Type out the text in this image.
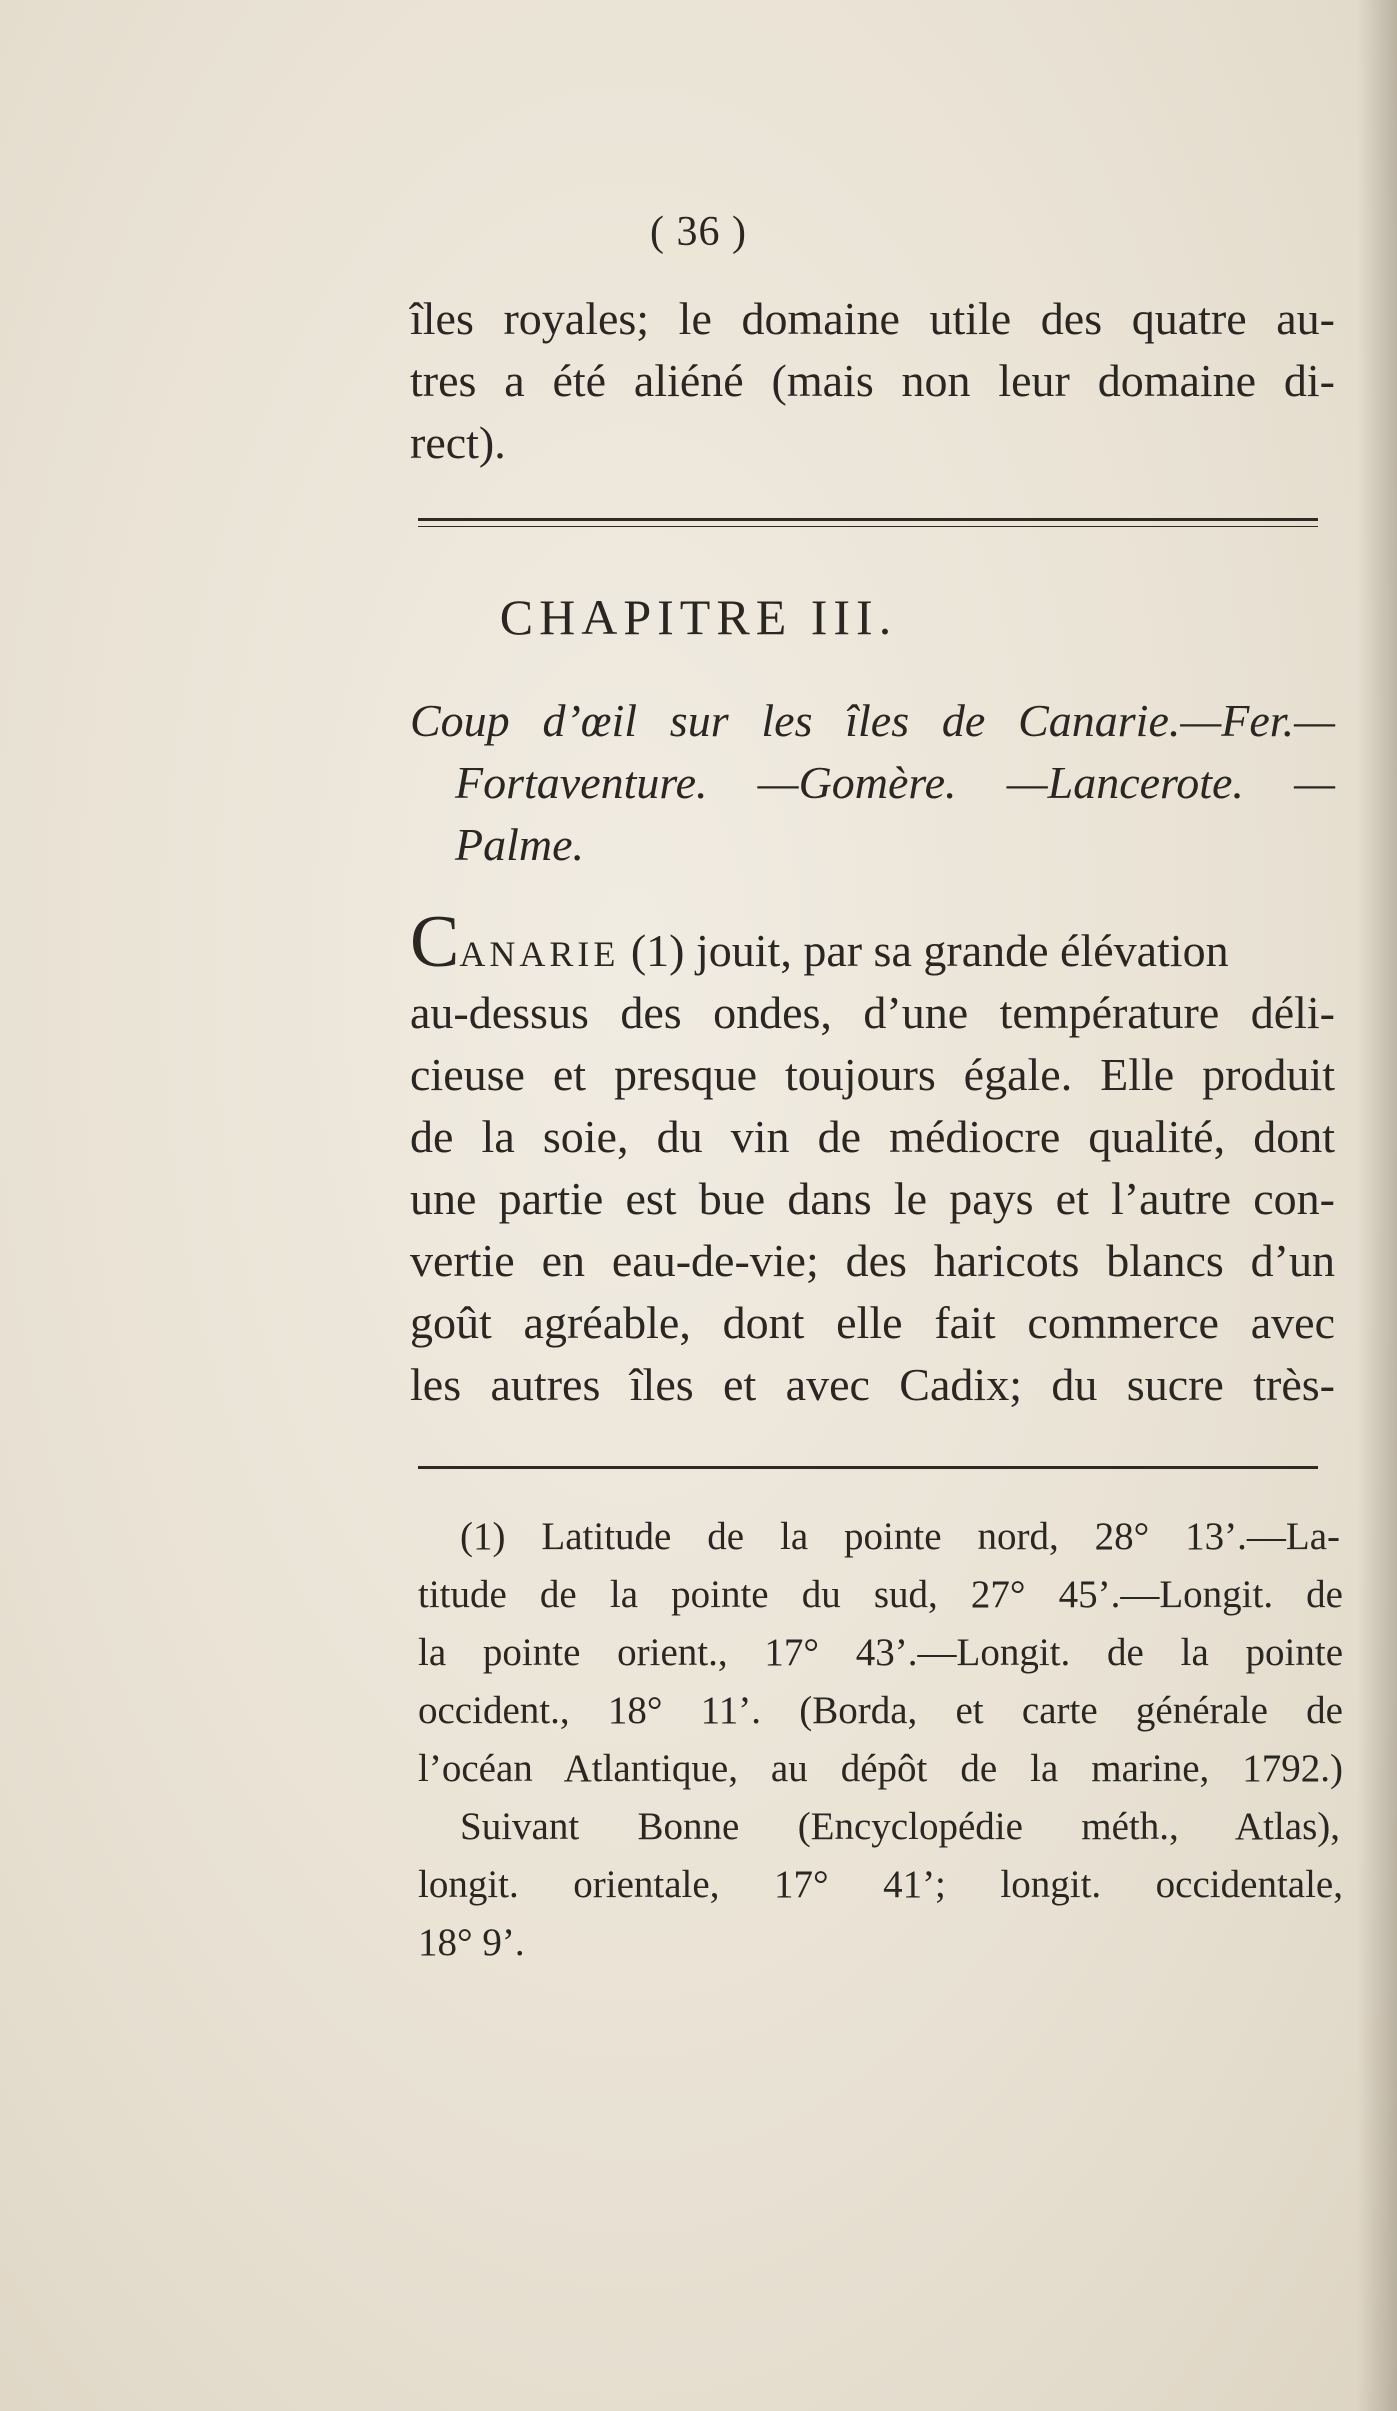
( 36 )
îles royales; le domaine utile des quatre au-
tres a été aliéné (mais non leur domaine di-
rect).
CHAPITRE III.
Coup d’œil sur les îles de Canarie.—Fer.—
Fortaventure. —Gomère. —Lancerote. —
Palme.
CANARIE (1) jouit, par sa grande élévation
au-dessus des ondes, d’une température déli-
cieuse et presque toujours égale. Elle produit
de la soie, du vin de médiocre qualité, dont
une partie est bue dans le pays et l’autre con-
vertie en eau-de-vie; des haricots blancs d’un
goût agréable, dont elle fait commerce avec
les autres îles et avec Cadix; du sucre très-
(1) Latitude de la pointe nord, 28° 13’.—La-
titude de la pointe du sud, 27° 45’.—Longit. de
la pointe orient., 17° 43’.—Longit. de la pointe
occident., 18° 11’. (Borda, et carte générale de
l’océan Atlantique, au dépôt de la marine, 1792.)
Suivant Bonne (Encyclopédie méth., Atlas),
longit. orientale, 17° 41’; longit. occidentale,
18° 9’.
